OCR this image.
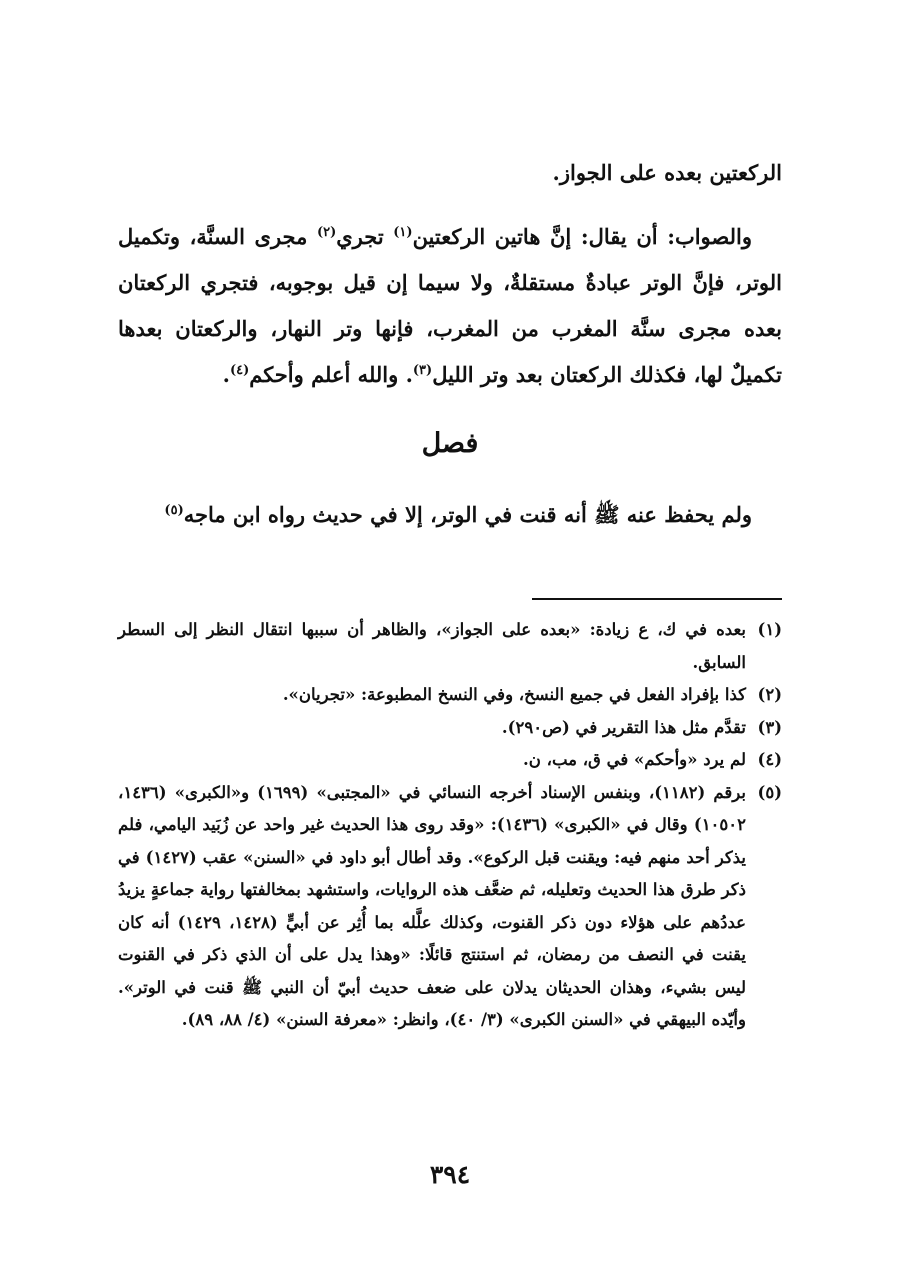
الركعتين بعده على الجواز.

والصواب: أن يقال: إنَّ هاتين الركعتين$^{(١)}$ تجري$^{(٢)}$ مجرى السنَّة، وتكميل الوتر، فإنَّ الوتر عبادةٌ مستقلةٌ، ولا سيما إن قيل بوجوبه، فتجري الركعتان بعده مجرى سنَّة المغرب من المغرب، فإنها وتر النهار، والركعتان بعدها تكميلٌ لها، فكذلك الركعتان بعد وتر الليل$^{(٣)}$. والله أعلم وأحكم$^{(٤)}$.

فصل

ولم يحفظ عنه ﷺ أنه قنت في الوتر، إلا في حديث رواه ابن ماجه$^{(٥)}$

(١)
بعده في ك، ع زيادة: «بعده على الجواز»، والظاهر أن سببها انتقال النظر إلى السطر السابق.
(٢)
كذا بإفراد الفعل في جميع النسخ، وفي النسخ المطبوعة: «تجريان».
(٣)
تقدَّم مثل هذا التقرير في (ص٢٩٠).
(٤)
لم يرد «وأحكم» في ق، مب، ن.
(٥)
برقم (١١٨٢)، وبنفس الإسناد أخرجه النسائي في «المجتبى» (١٦٩٩) و«الكبرى» (١٤٣٦، ١٠٥٠٢) وقال في «الكبرى» (١٤٣٦): «وقد روى هذا الحديث غير واحد عن زُبَيد اليامي، فلم يذكر أحد منهم فيه: ويقنت قبل الركوع». وقد أطال أبو داود في «السنن» عقب (١٤٢٧) في ذكر طرق هذا الحديث وتعليله، ثم ضعَّف هذه الروايات، واستشهد بمخالفتها رواية جماعةٍ يزيدُ عددُهم على هؤلاء دون ذكر القنوت، وكذلك علَّله بما أُثِر عن أبيٍّ (١٤٢٨، ١٤٢٩) أنه كان يقنت في النصف من رمضان، ثم استنتج قائلًا: «وهذا يدل على أن الذي ذكر في القنوت ليس بشيء، وهذان الحديثان يدلان على ضعف حديث أبيّ أن النبي ﷺ قنت في الوتر». وأيّده البيهقي في «السنن الكبرى» (٣/ ٤٠)، وانظر: «معرفة السنن» (٤/ ٨٨، ٨٩).
٣٩٤
